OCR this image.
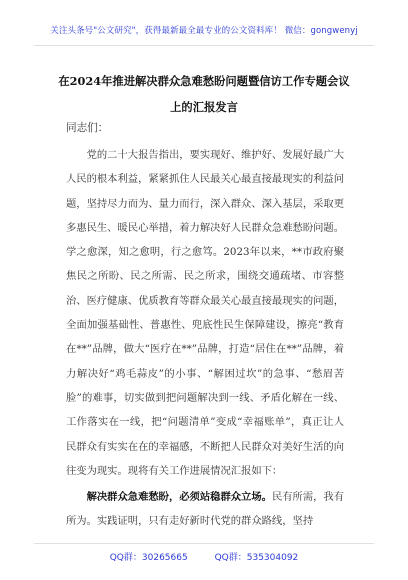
关注头条号"公文研究"，获得最新最全最专业的公文资料库！ 微信：gongwenyj
在2024年推进解决群众急难愁盼问题暨信访工作专题会议
上的汇报发言
同志们：

党的二十大报告指出，要实现好、维护好、发展好最广大人民的根本利益，紧紧抓住人民最关心最直接最现实的利益问题，坚持尽力而为、量力而行，深入群众、深入基层，采取更多惠民生、暖民心举措，着力解决好人民群众急难愁盼问题。学之愈深，知之愈明，行之愈笃。2023年以来，**市政府聚焦民之所盼、民之所需、民之所求，围绕交通疏堵、市容整治、医疗健康、优质教育等群众最关心最直接最现实的问题，全面加强基础性、普惠性、兜底性民生保障建设，擦亮“教育在**”品牌，做大“医疗在**”品牌，打造“居住在**”品牌，着力解决好“鸡毛蒜皮”的小事、“解困过坎”的急事、“愁眉苦脸”的难事，切实做到把问题解决到一线、矛盾化解在一线、工作落实在一线，把“问题清单”变成“幸福账单”，真正让人民群众有实实在在的幸福感，不断把人民群众对美好生活的向往变为现实。现将有关工作进展情况汇报如下：

解决群众急难愁盼，必须站稳群众立场。民有所需，我有所为。实践证明，只有走好新时代党的群众路线，坚持

QQ群：30265665	QQ群：535304092
